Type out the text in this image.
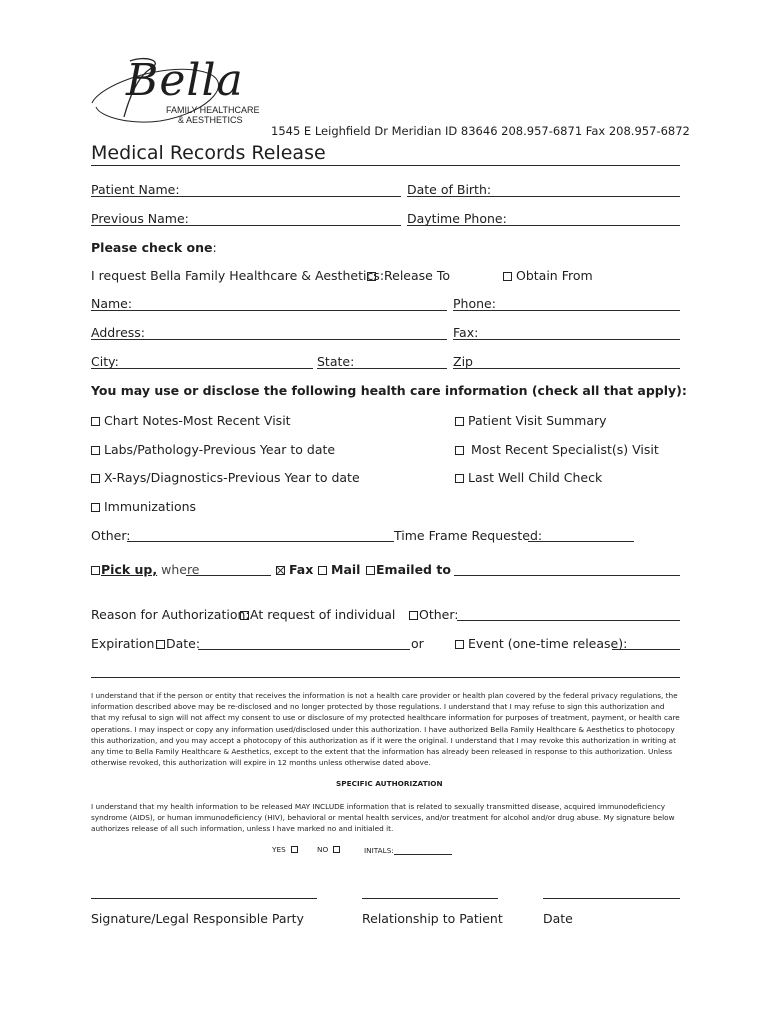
Bella
FAMILY HEALTHCARE
& AESTHETICS
1545 E Leighfield Dr Meridian ID 83646 208.957-6871 Fax 208.957-6872
Medical Records Release
Patient Name:	Date of Birth:
Previous Name:	Daytime Phone:
Please check one:
I request Bella Family Healthcare & Aesthetics: Release To	Obtain From
Name:	Phone:
Address:	Fax:
City:	State:	Zip
You may use or disclose the following health care information (check all that apply):
Chart Notes-Most Recent Visit	Patient Visit Summary
Labs/Pathology-Previous Year to date	Most Recent Specialist(s) Visit
X-Rays/Diagnostics-Previous Year to date	Last Well Child Check
Immunizations
Other:	Time Frame Requested:
Pick up, where	Fax	Mail	Emailed to
Reason for Authorization: At request of individual	Other:
Expiration: Date:	or	Event (one-time release):
I understand that if the person or entity that receives the information is not a health care provider or health plan covered by the federal privacy regulations, the information described above may be re-disclosed and no longer protected by those regulations. I understand that I may refuse to sign this authorization and that my refusal to sign will not affect my consent to use or disclosure of my protected healthcare information for purposes of treatment, payment, or health care operations. I may inspect or copy any information used/disclosed under this authorization. I have authorized Bella Family Healthcare & Aesthetics to photocopy this authorization, and you may accept a photocopy of this authorization as if it were the original. I understand that I may revoke this authorization in writing at any time to Bella Family Healthcare & Aesthetics, except to the extent that the information has already been released in response to this authorization. Unless otherwise revoked, this authorization will expire in 12 months unless otherwise dated above.
SPECIFIC AUTHORIZATION
I understand that my health information to be released MAY INCLUDE information that is related to sexually transmitted disease, acquired immunodeficiency syndrome (AIDS), or human immunodeficiency (HIV), behavioral or mental health services, and/or treatment for alcohol and/or drug abuse. My signature below authorizes release of all such information, unless I have marked no and initialed it.
YES	NO	INITALS:
Signature/Legal Responsible Party	Relationship to Patient	Date
